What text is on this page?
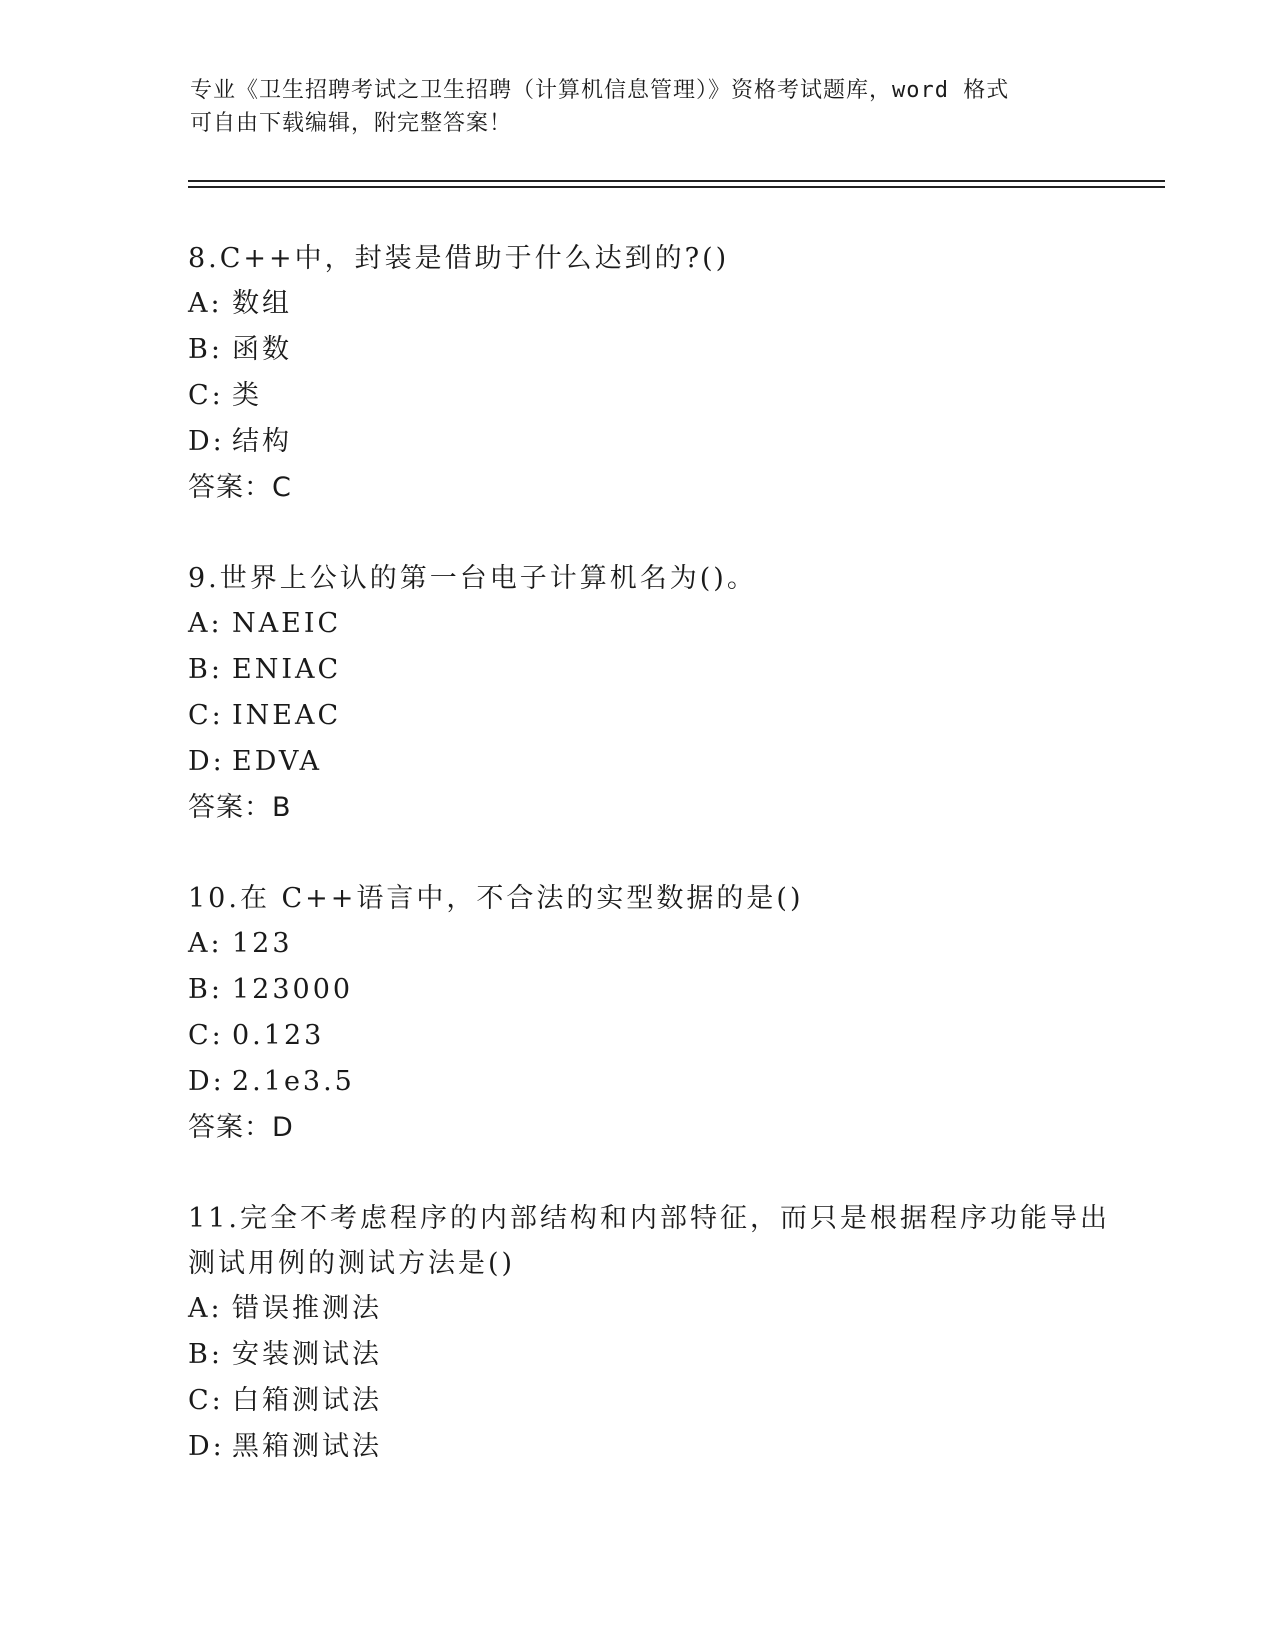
专业《卫生招聘考试之卫生招聘（计算机信息管理）》资格考试题库，word 格式
可自由下载编辑，附完整答案！
8.C++中，封装是借助于什么达到的?()
A: 数组
B: 函数
C: 类
D: 结构
答案：C
9.世界上公认的第一台电子计算机名为()。
A: NAEIC
B: ENIAC
C: INEAC
D: EDVA
答案：B
10.在 C++语言中，不合法的实型数据的是()
A: 123
B: 123000
C: 0.123
D: 2.1e3.5
答案：D
11.完全不考虑程序的内部结构和内部特征，而只是根据程序功能导出
测试用例的测试方法是()
A: 错误推测法
B: 安装测试法
C: 白箱测试法
D: 黑箱测试法
